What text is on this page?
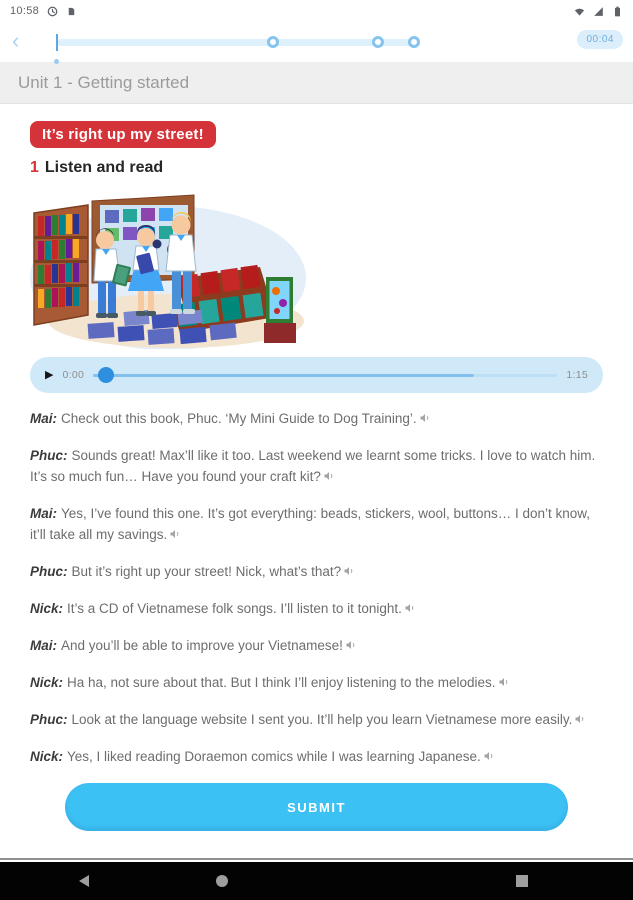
10:58
‹	00:04
Unit 1 - Getting started
It’s right up my street!
1 Listen and read
▶ 0:00	1:15

Mai: Check out this book, Phuc. ‘My Mini Guide to Dog Training’.

Phuc: Sounds great! Max’ll like it too. Last weekend we learnt some tricks. I love to watch him. It’s so much fun… Have you found your craft kit?

Mai: Yes, I’ve found this one. It’s got everything: beads, stickers, wool, buttons… I don’t know, it’ll take all my savings.

Phuc: But it’s right up your street! Nick, what’s that?

Nick: It’s a CD of Vietnamese folk songs. I’ll listen to it tonight.

Mai: And you’ll be able to improve your Vietnamese!

Nick: Ha ha, not sure about that. But I think I’ll enjoy listening to the melodies.

Phuc: Look at the language website I sent you. It’ll help you learn Vietnamese more easily.

Nick: Yes, I liked reading Doraemon comics while I was learning Japanese.

SUBMIT
